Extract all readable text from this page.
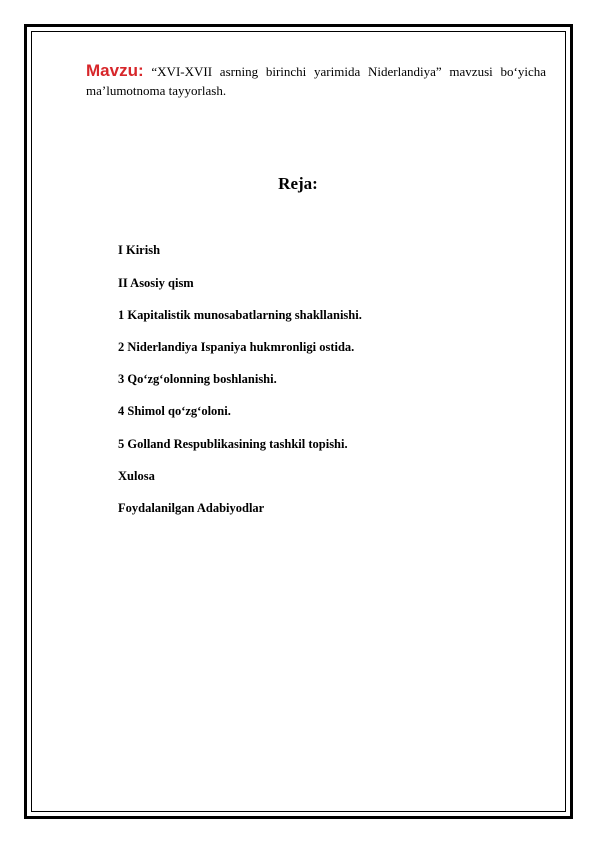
Mavzu: “XVI-XVII asrning birinchi yarimida Niderlandiya” mavzusi bo‘yicha ma’lumotnoma tayyorlash.
Reja:
I Kirish
II Asosiy qism
1 Kapitalistik munosabatlarning shakllanishi.
2 Niderlandiya Ispaniya hukmronligi ostida.
3 Qo‘zg‘olonning boshlanishi.
4 Shimol qo‘zg‘oloni.
5 Golland Respublikasining tashkil topishi.
Xulosa
Foydalanilgan Adabiyodlar
